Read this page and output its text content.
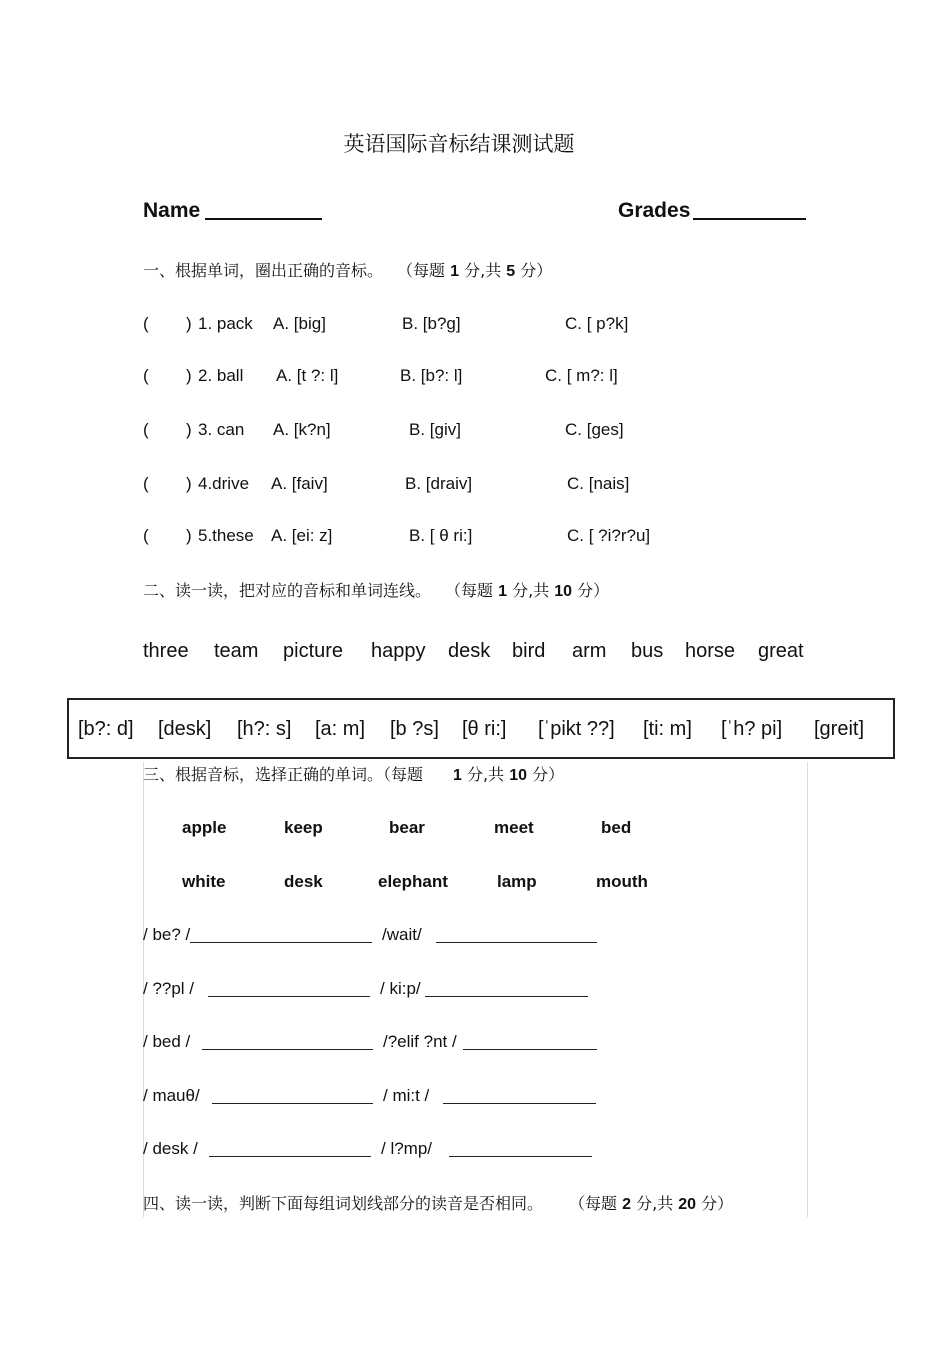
英语国际音标结课测试题
Name	Grades
一、根据单词，圈出正确的音标。 （每题 1 分,共 5 分）
( ) 1. pack A. [big]	B. [b?g]	C. [ p?k]
( ) 2. ball A. [t ?: l]	B. [b?: l]	C. [ m?: l]
( ) 3. can A. [k?n]	B. [giv]	C. [ges]
( ) 4.drive A. [faiv]	B. [draiv]	C. [nais]
( ) 5.these A. [ei: z]	B. [ θ ri:]	C. [ ?i?r?u]
二、读一读，把对应的音标和单词连线。 （每题 1 分,共 10 分）
three team picture happy desk bird arm bus horse great
[b?: d] [desk] [h?: s] [a: m] [b ?s] [θ ri:] [ˈpikt ??] [ti: m] [ˈh? pi] [greit]
三、根据音标，选择正确的单词。（每题 1 分,共 10 分）
apple	keep	bear	meet	bed
white	desk	elephant	lamp	mouth
/ be? /	/wait/
/ ??pl /	/ ki:p/
/ bed /	/?elif ?nt /
/ mauθ/	/ mi:t /
/ desk /	/ l?mp/
四、读一读，判断下面每组词划线部分的读音是否相同。 （每题 2 分,共 20 分）
